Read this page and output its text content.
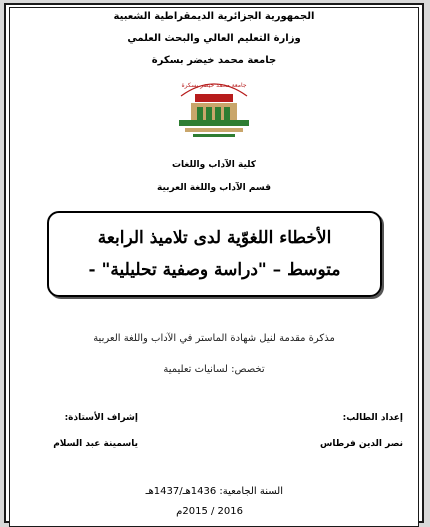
الجمهورية الجزائرية الديمقراطية الشعبية
وزارة التعليم العالي والبحث العلمي
جامعة محمد خيضر بسكرة
جامعة محمد خيضر بسكرة
كلية الآداب واللغات
قسم الآداب واللغة العربية
الأخطاء اللغوّية لدى تلاميذ الرابعة
متوسط – "دراسة وصفية تحليلية" -
مذكرة مقدمة لنيل شهادة الماستر في الآداب واللغة العربية
تخصص: لسانيات تعليمية
إعداد الطالب:
إشراف الأستاذة:
نصر الدين فرطاس
ياسمينة عبد السلام
السنة الجامعية: 1436هـ/1437هـ
2016 / 2015م
